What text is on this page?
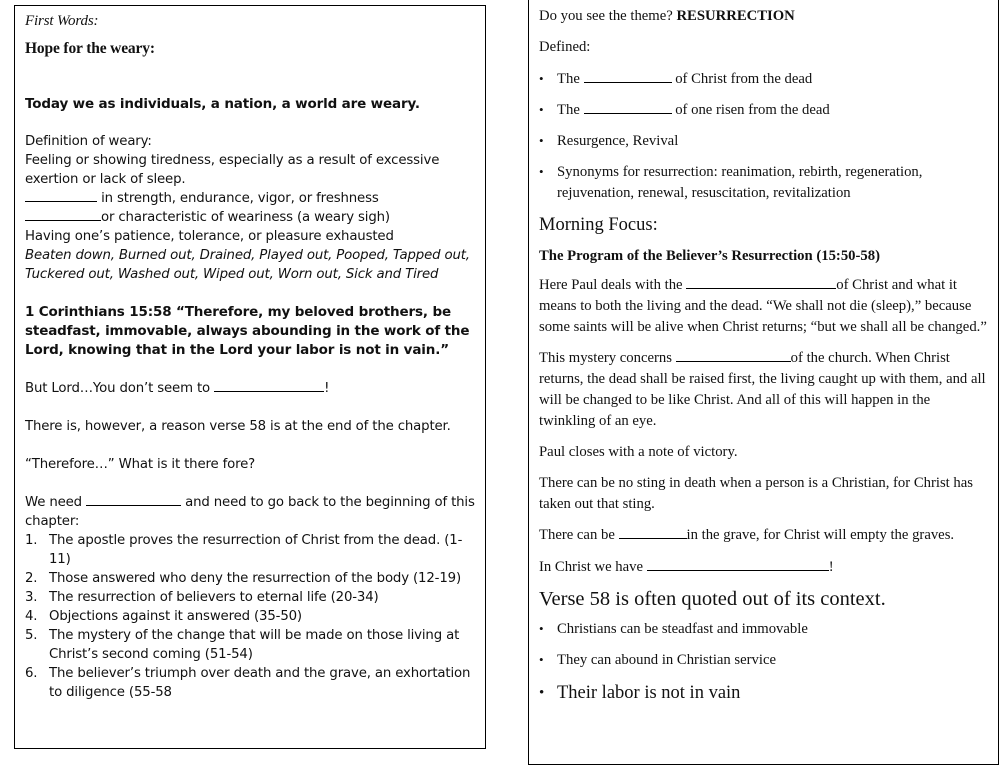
First Words:
Hope for the weary:
Today we as individuals, a nation, a world are weary.
Definition of weary:
Feeling or showing tiredness, especially as a result of excessive exertion or lack of sleep.
in strength, endurance, vigor, or freshness
or characteristic of weariness (a weary sigh)
Having one’s patience, tolerance, or pleasure exhausted
Beaten down, Burned out, Drained, Played out, Pooped, Tapped out, Tuckered out, Washed out, Wiped out, Worn out, Sick and Tired
1 Corinthians 15:58 “Therefore, my beloved brothers, be steadfast, immovable, always abounding in the work of the Lord, knowing that in the Lord your labor is not in vain.”
But Lord…You don’t seem to	!
There is, however, a reason verse 58 is at the end of the chapter.
“Therefore…” What is it there fore?
We need	and need to go back to the beginning of this chapter:
1. The apostle proves the resurrection of Christ from the dead. (1-11)
2. Those answered who deny the resurrection of the body (12-19)
3. The resurrection of believers to eternal life (20-34)
4. Objections against it answered (35-50)
5. The mystery of the change that will be made on those living at Christ’s second coming (51-54)
6. The believer’s triumph over death and the grave, an exhortation to diligence (55-58
Do you see the theme? RESURRECTION
Defined:
• The	of Christ from the dead
• The	of one risen from the dead
• Resurgence, Revival
• Synonyms for resurrection: reanimation, rebirth, regeneration, rejuvenation, renewal, resuscitation, revitalization
Morning Focus:
The Program of the Believer’s Resurrection (15:50-58)
Here Paul deals with the	of Christ and what it means to both the living and the dead. “We shall not die (sleep),” because some saints will be alive when Christ returns; “but we shall all be changed.”
This mystery concerns	of the church. When Christ returns, the dead shall be raised first, the living caught up with them, and all will be changed to be like Christ. And all of this will happen in the twinkling of an eye.
Paul closes with a note of victory.
There can be no sting in death when a person is a Christian, for Christ has taken out that sting.
There can be	in the grave, for Christ will empty the graves.
In Christ we have	!
Verse 58 is often quoted out of its context.
• Christians can be steadfast and immovable
• They can abound in Christian service
• Their labor is not in vain
